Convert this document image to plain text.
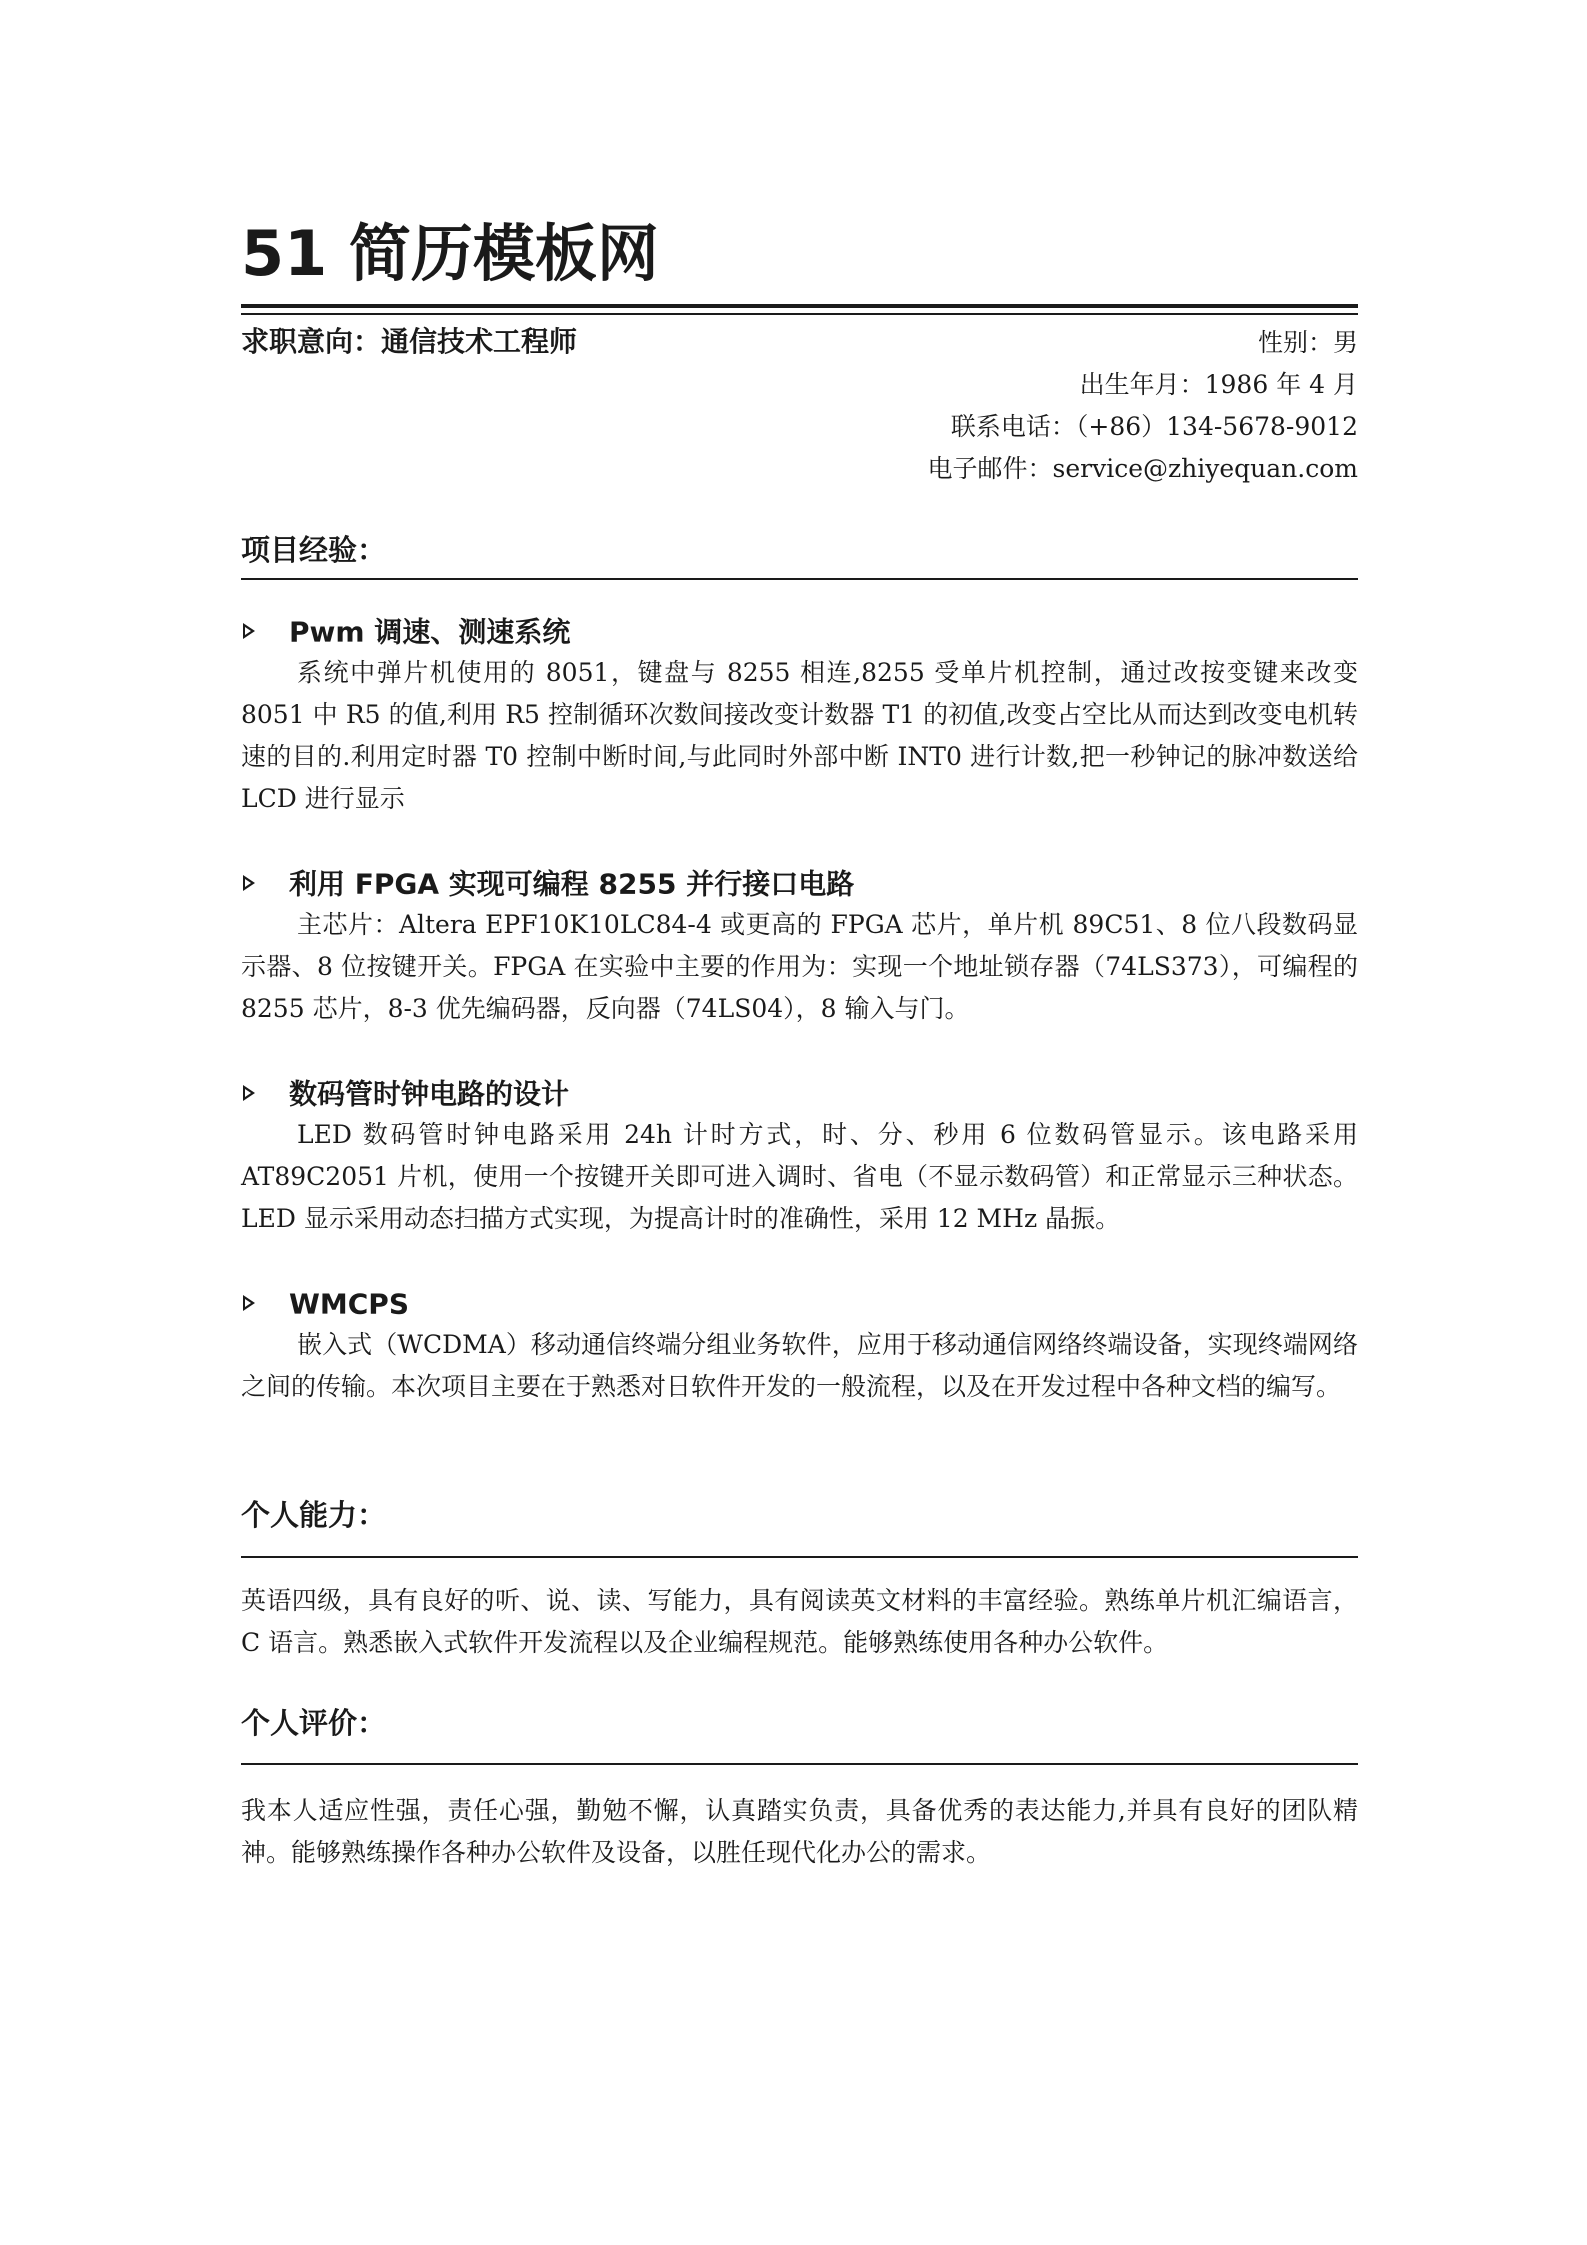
51 简历模板网
求职意向：通信技术工程师	性别：男
出生年月：1986 年 4 月
联系电话：（+86）134-5678-9012
电子邮件：service@zhiyequan.com
项目经验：
Pwm 调速、测速系统

系统中弹片机使用的 8051，键盘与 8255 相连,8255 受单片机控制，通过改按变键来改变 8051 中 R5 的值,利用 R5 控制循环次数间接改变计数器 T1 的初值,改变占空比从而达到改变电机转速的目的.利用定时器 T0 控制中断时间,与此同时外部中断 INT0 进行计数,把一秒钟记的脉冲数送给 LCD 进行显示

利用 FPGA 实现可编程 8255 并行接口电路

主芯片：Altera EPF10K10LC84-4 或更高的 FPGA 芯片，单片机 89C51、8 位八段数码显示器、8 位按键开关。FPGA 在实验中主要的作用为：实现一个地址锁存器（74LS373），可编程的 8255 芯片，8-3 优先编码器，反向器（74LS04），8 输入与门。

数码管时钟电路的设计

LED 数码管时钟电路采用 24h 计时方式，时、分、秒用 6 位数码管显示。该电路采用 AT89C2051 片机，使用一个按键开关即可进入调时、省电（不显示数码管）和正常显示三种状态。LED 显示采用动态扫描方式实现，为提高计时的准确性，采用 12 MHz 晶振。

WMCPS

嵌入式（WCDMA）移动通信终端分组业务软件，应用于移动通信网络终端设备，实现终端网络之间的传输。本次项目主要在于熟悉对日软件开发的一般流程，以及在开发过程中各种文档的编写。

个人能力：

英语四级，具有良好的听、说、读、写能力，具有阅读英文材料的丰富经验。熟练单片机汇编语言，C 语言。熟悉嵌入式软件开发流程以及企业编程规范。能够熟练使用各种办公软件。

个人评价：

我本人适应性强，责任心强，勤勉不懈，认真踏实负责，具备优秀的表达能力,并具有良好的团队精神。能够熟练操作各种办公软件及设备，以胜任现代化办公的需求。
